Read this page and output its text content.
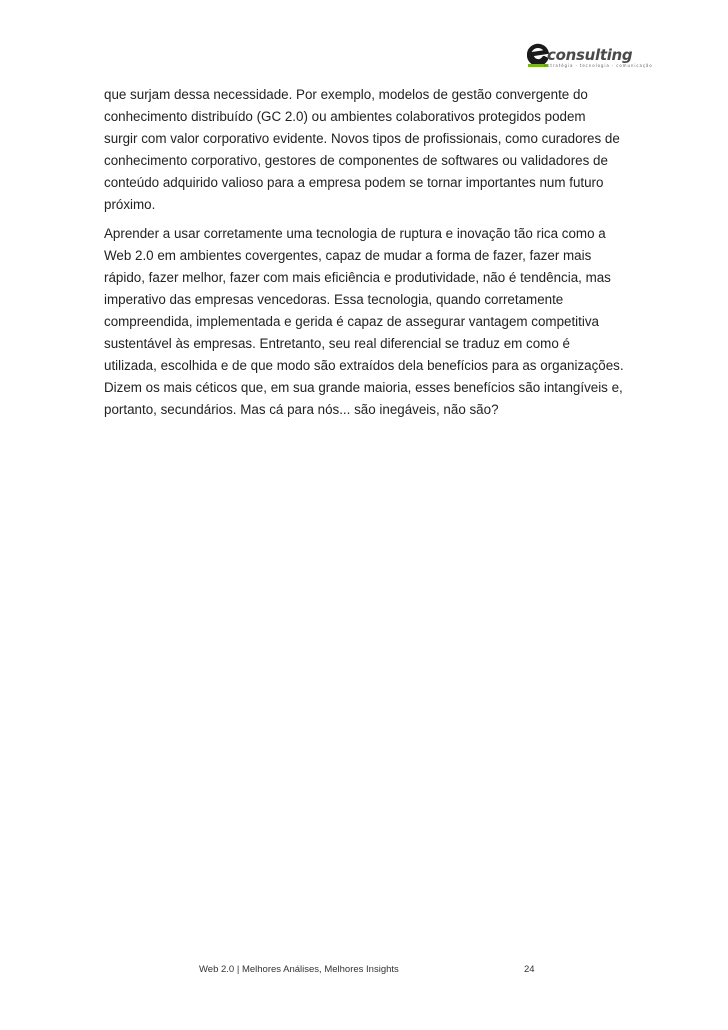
consulting
estratégia · tecnologia · comunicação

que surjam dessa necessidade. Por exemplo, modelos de gestão convergente do
conhecimento distribuído (GC 2.0) ou ambientes colaborativos protegidos podem
surgir com valor corporativo evidente. Novos tipos de profissionais, como curadores de
conhecimento corporativo, gestores de componentes de softwares ou validadores de
conteúdo adquirido valioso para a empresa podem se tornar importantes num futuro
próximo.

Aprender a usar corretamente uma tecnologia de ruptura e inovação tão rica como a
Web 2.0 em ambientes covergentes, capaz de mudar a forma de fazer, fazer mais
rápido, fazer melhor, fazer com mais eficiência e produtividade, não é tendência, mas
imperativo das empresas vencedoras. Essa tecnologia, quando corretamente
compreendida, implementada e gerida é capaz de assegurar vantagem competitiva
sustentável às empresas. Entretanto, seu real diferencial se traduz em como é
utilizada, escolhida e de que modo são extraídos dela benefícios para as organizações.
Dizem os mais céticos que, em sua grande maioria, esses benefícios são intangíveis e,
portanto, secundários. Mas cá para nós... são inegáveis, não são?

Web 2.0 | Melhores Análises, Melhores Insights	24
